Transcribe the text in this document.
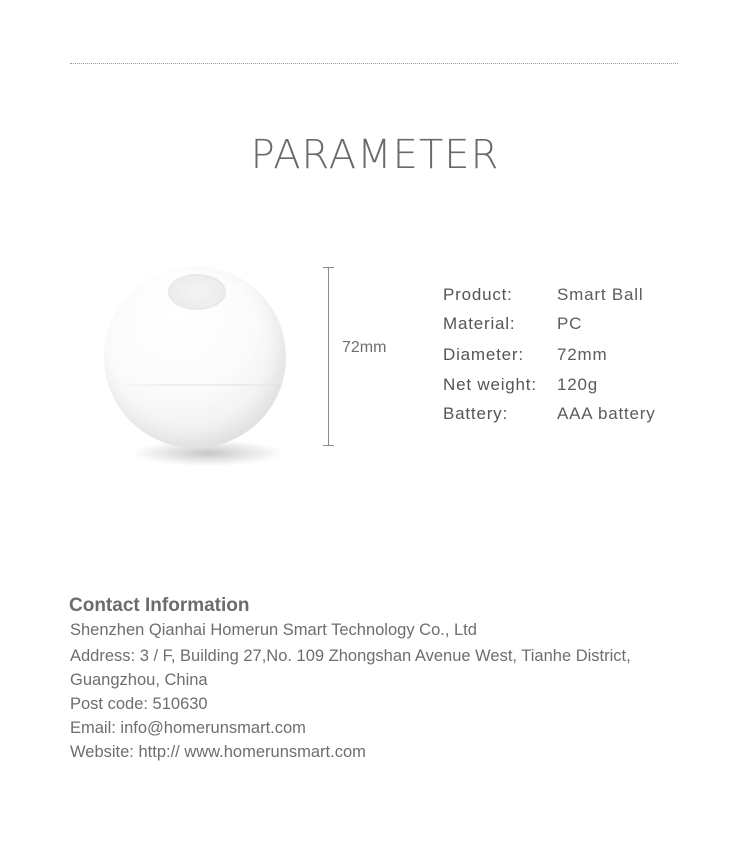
PARAMETER
72mm
Product:	Smart Ball
Material: PC
Diameter: 72mm
Net weight: 120g
Battery:	AAA battery
Contact Information
Shenzhen Qianhai Homerun Smart Technology Co., Ltd
Address: 3 / F, Building 27,No. 109 Zhongshan Avenue West, Tianhe District,
Guangzhou, China
Post code: 510630
Email: info@homerunsmart.com
Website: http:// www.homerunsmart.com
